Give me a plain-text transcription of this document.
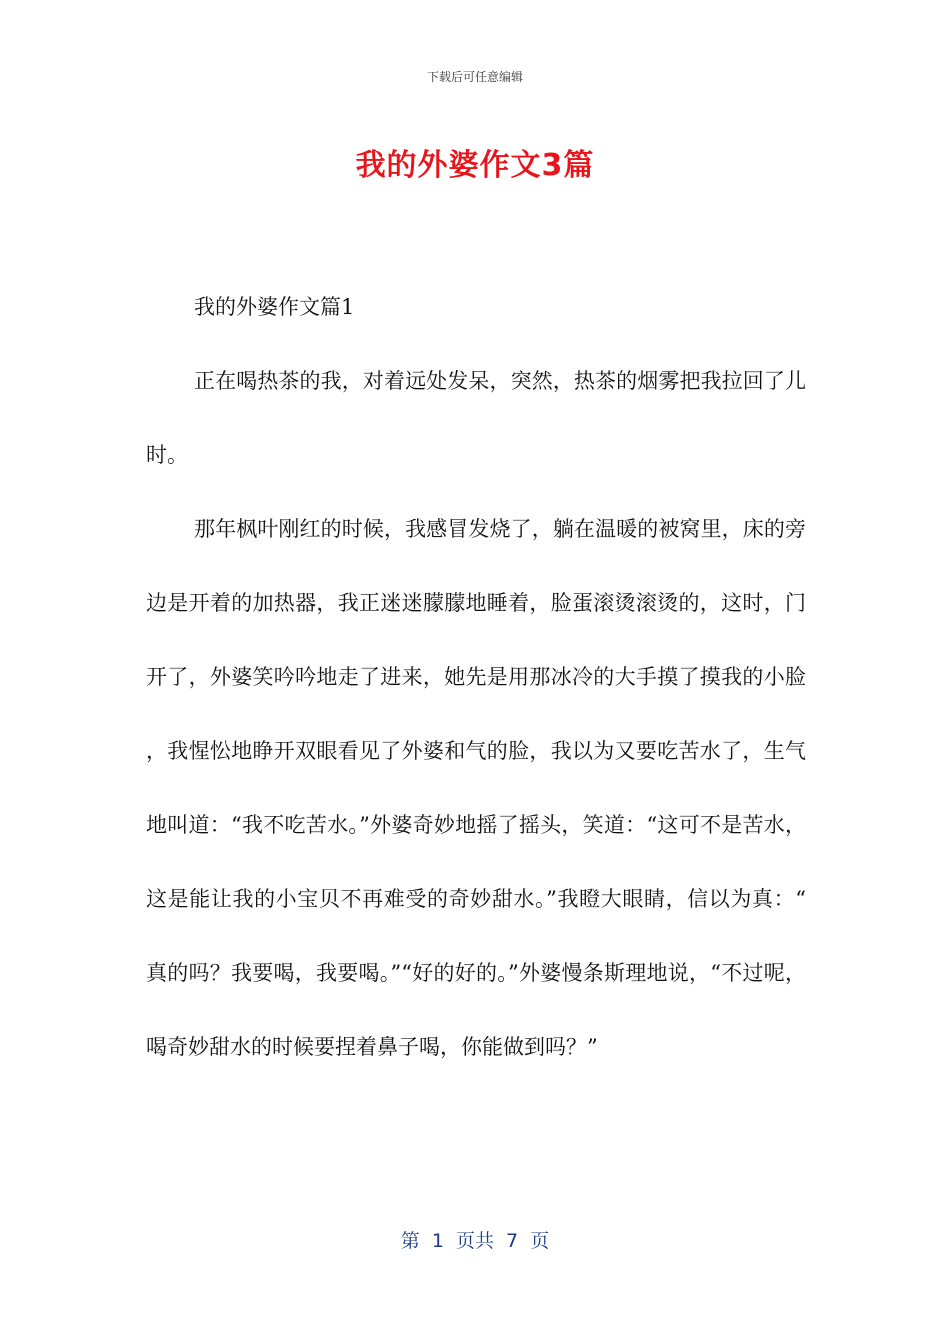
下载后可任意编辑
我的外婆作文3篇

我的外婆作文篇1

正在喝热茶的我，对着远处发呆，突然，热茶的烟雾把我拉回了儿时。

那年枫叶刚红的时候，我感冒发烧了，躺在温暖的被窝里，床的旁边是开着的加热器，我正迷迷朦朦地睡着，脸蛋滚烫滚烫的，这时，门开了，外婆笑吟吟地走了进来，她先是用那冰冷的大手摸了摸我的小脸，我惺忪地睁开双眼看见了外婆和气的脸，我以为又要吃苦水了，生气地叫道：“我不吃苦水。”外婆奇妙地摇了摇头，笑道：“这可不是苦水，这是能让我的小宝贝不再难受的奇妙甜水。”我瞪大眼睛，信以为真：“真的吗？我要喝，我要喝。”“好的好的。”外婆慢条斯理地说，“不过呢，喝奇妙甜水的时候要捏着鼻子喝，你能做到吗？”

第 1 页共 7 页
